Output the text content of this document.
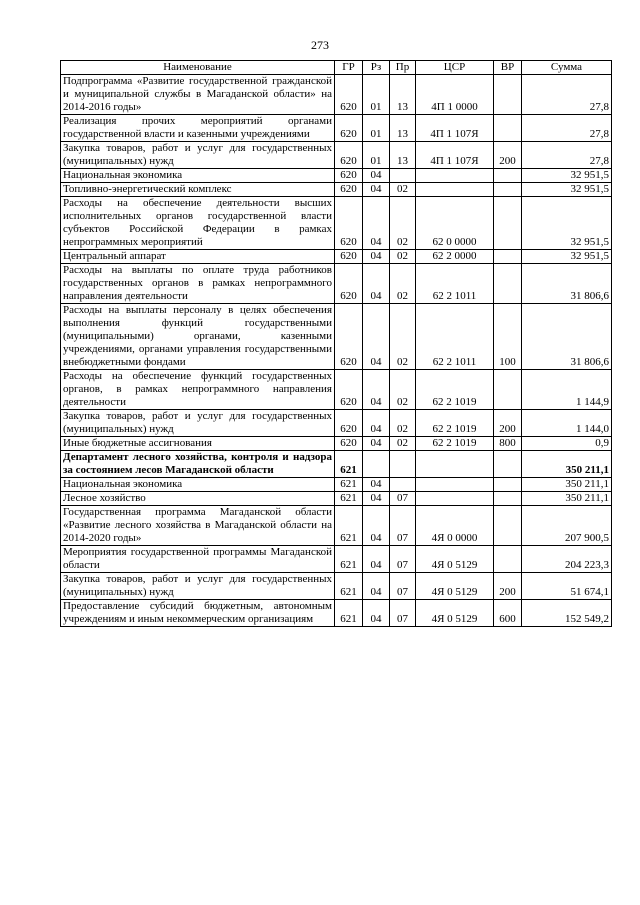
273
Наименование	ГР	Рз	Пр	ЦСР	ВР	Сумма
Подпрограмма «Развитие государственной гражданской и муниципальной службы в Магаданской области» на 2014-2016 годы»	620	01	13	4П 1 0000		27,8
Реализация прочих мероприятий органами государственной власти и казенными учреждениями	620	01	13	4П 1 107Я		27,8
Закупка товаров, работ и услуг для государственных (муниципальных) нужд	620	01	13	4П 1 107Я	200	27,8
Национальная экономика	620	04				32 951,5
Топливно-энергетический комплекс	620	04	02			32 951,5
Расходы на обеспечение деятельности высших исполнительных органов государственной власти субъектов Российской Федерации в рамках непрограммных мероприятий	620	04	02	62 0 0000		32 951,5
Центральный аппарат	620	04	02	62 2 0000		32 951,5
Расходы на выплаты по оплате труда работников государственных органов в рамках непрограммного направления деятельности	620	04	02	62 2 1011		31 806,6
Расходы на выплаты персоналу в целях обеспечения выполнения функций государственными (муниципальными) органами, казенными учреждениями, органами управления государственными внебюджетными фондами	620	04	02	62 2 1011	100	31 806,6
Расходы на обеспечение функций государственных органов, в рамках непрограммного направления деятельности	620	04	02	62 2 1019		1 144,9
Закупка товаров, работ и услуг для государственных (муниципальных) нужд	620	04	02	62 2 1019	200	1 144,0
Иные бюджетные ассигнования	620	04	02	62 2 1019	800	0,9
Департамент лесного хозяйства, контроля и надзора за состоянием лесов Магаданской области	621					350 211,1
Национальная экономика	621	04				350 211,1
Лесное хозяйство	621	04	07			350 211,1
Государственная программа Магаданской области «Развитие лесного хозяйства в Магаданской области на 2014-2020 годы»	621	04	07	4Я 0 0000		207 900,5
Мероприятия государственной программы Магаданской области	621	04	07	4Я 0 5129		204 223,3
Закупка товаров, работ и услуг для государственных (муниципальных) нужд	621	04	07	4Я 0 5129	200	51 674,1
Предоставление субсидий бюджетным, автономным учреждениям и иным некоммерческим организациям	621	04	07	4Я 0 5129	600	152 549,2
